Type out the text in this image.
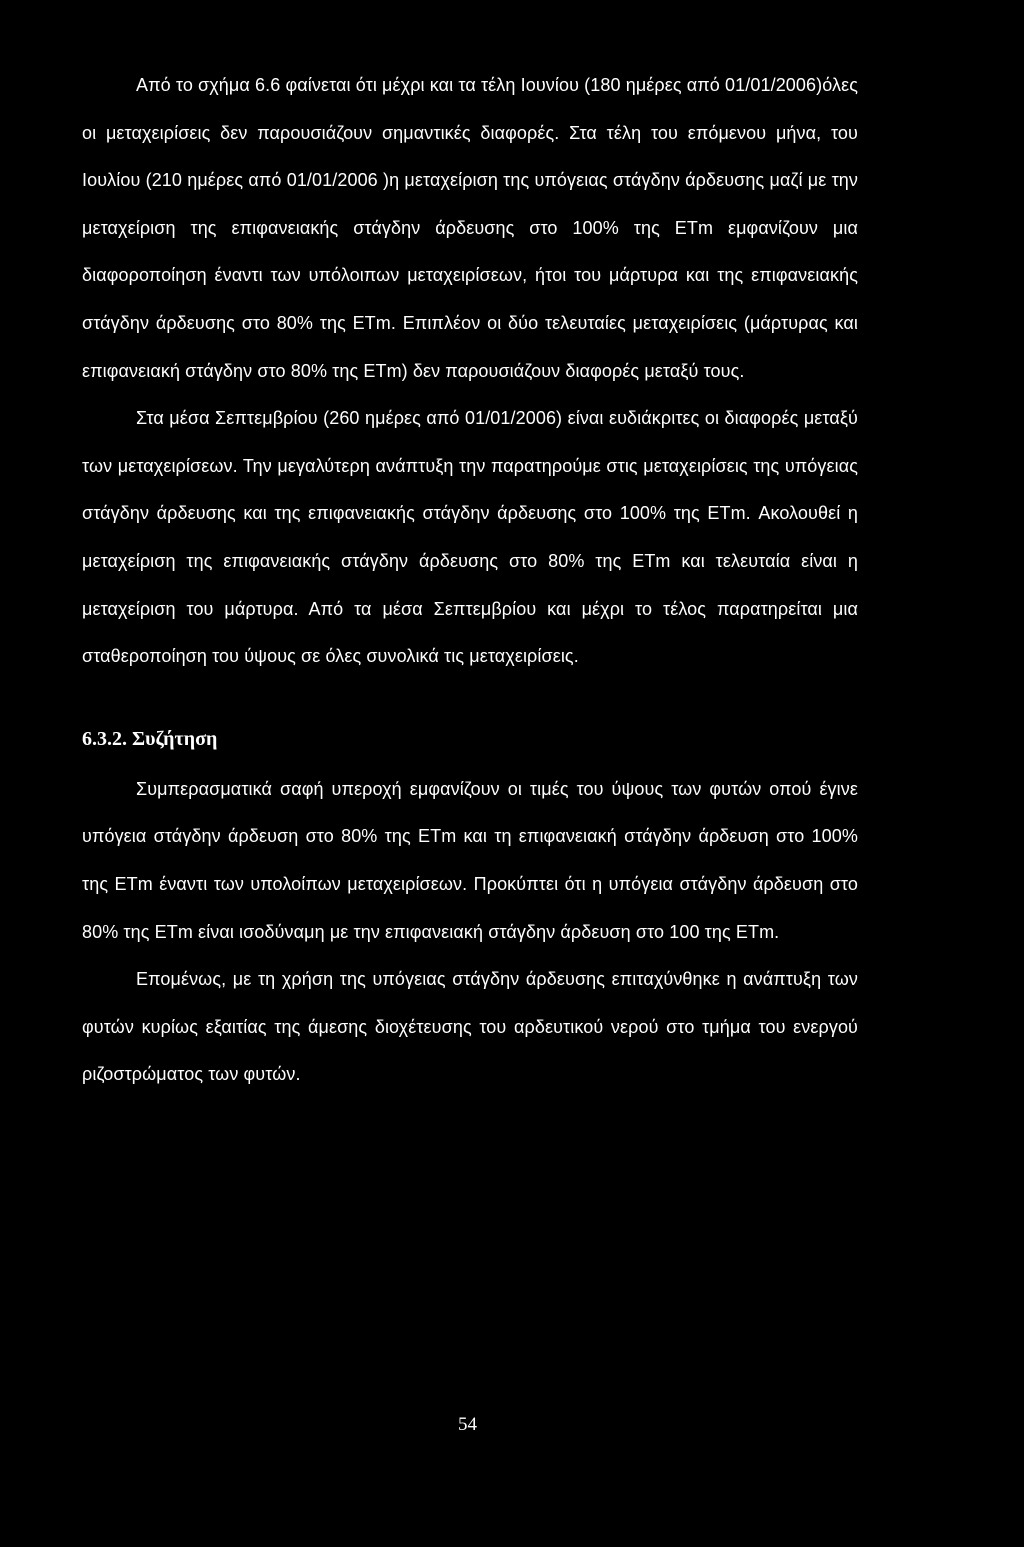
Από το σχήμα 6.6 φαίνεται ότι μέχρι και τα τέλη Ιουνίου (180 ημέρες από 01/01/2006)όλες οι μεταχειρίσεις δεν παρουσιάζουν σημαντικές διαφορές. Στα τέλη του επόμενου μήνα, του Ιουλίου (210 ημέρες από 01/01/2006 )η μεταχείριση της υπόγειας στάγδην άρδευσης μαζί με την μεταχείριση της επιφανειακής στάγδην άρδευσης στο 100% της ETm εμφανίζουν μια διαφοροποίηση έναντι των υπόλοιπων μεταχειρίσεων, ήτοι του μάρτυρα και της επιφανειακής στάγδην άρδευσης στο 80% της ETm. Επιπλέον οι δύο τελευταίες μεταχειρίσεις (μάρτυρας και επιφανειακή στάγδην στο 80% της ETm) δεν παρουσιάζουν διαφορές μεταξύ τους.

Στα μέσα Σεπτεμβρίου (260 ημέρες από 01/01/2006) είναι ευδιάκριτες οι διαφορές μεταξύ των μεταχειρίσεων. Την μεγαλύτερη ανάπτυξη την παρατηρούμε στις μεταχειρίσεις της υπόγειας στάγδην άρδευσης και της επιφανειακής στάγδην άρδευσης στο 100% της ETm. Ακολουθεί η μεταχείριση της επιφανειακής στάγδην άρδευσης στο 80% της ETm και τελευταία είναι η μεταχείριση του μάρτυρα. Από τα μέσα Σεπτεμβρίου και μέχρι το τέλος παρατηρείται μια σταθεροποίηση του ύψους σε όλες συνολικά τις μεταχειρίσεις.

6.3.2. Συζήτηση

Συμπερασματικά σαφή υπεροχή εμφανίζουν οι τιμές του ύψους των φυτών οπού έγινε υπόγεια στάγδην άρδευση στο 80% της ETm και τη επιφανειακή στάγδην άρδευση στο 100% της ETm έναντι των υπολοίπων μεταχειρίσεων. Προκύπτει ότι η υπόγεια στάγδην άρδευση στο 80% της ETm είναι ισοδύναμη με την επιφανειακή στάγδην άρδευση στο 100 της ETm.

Επομένως, με τη χρήση της υπόγειας στάγδην άρδευσης επιταχύνθηκε η ανάπτυξη των φυτών κυρίως εξαιτίας της άμεσης διοχέτευσης του αρδευτικού νερού στο τμήμα του ενεργού ριζοστρώματος των φυτών.

54
